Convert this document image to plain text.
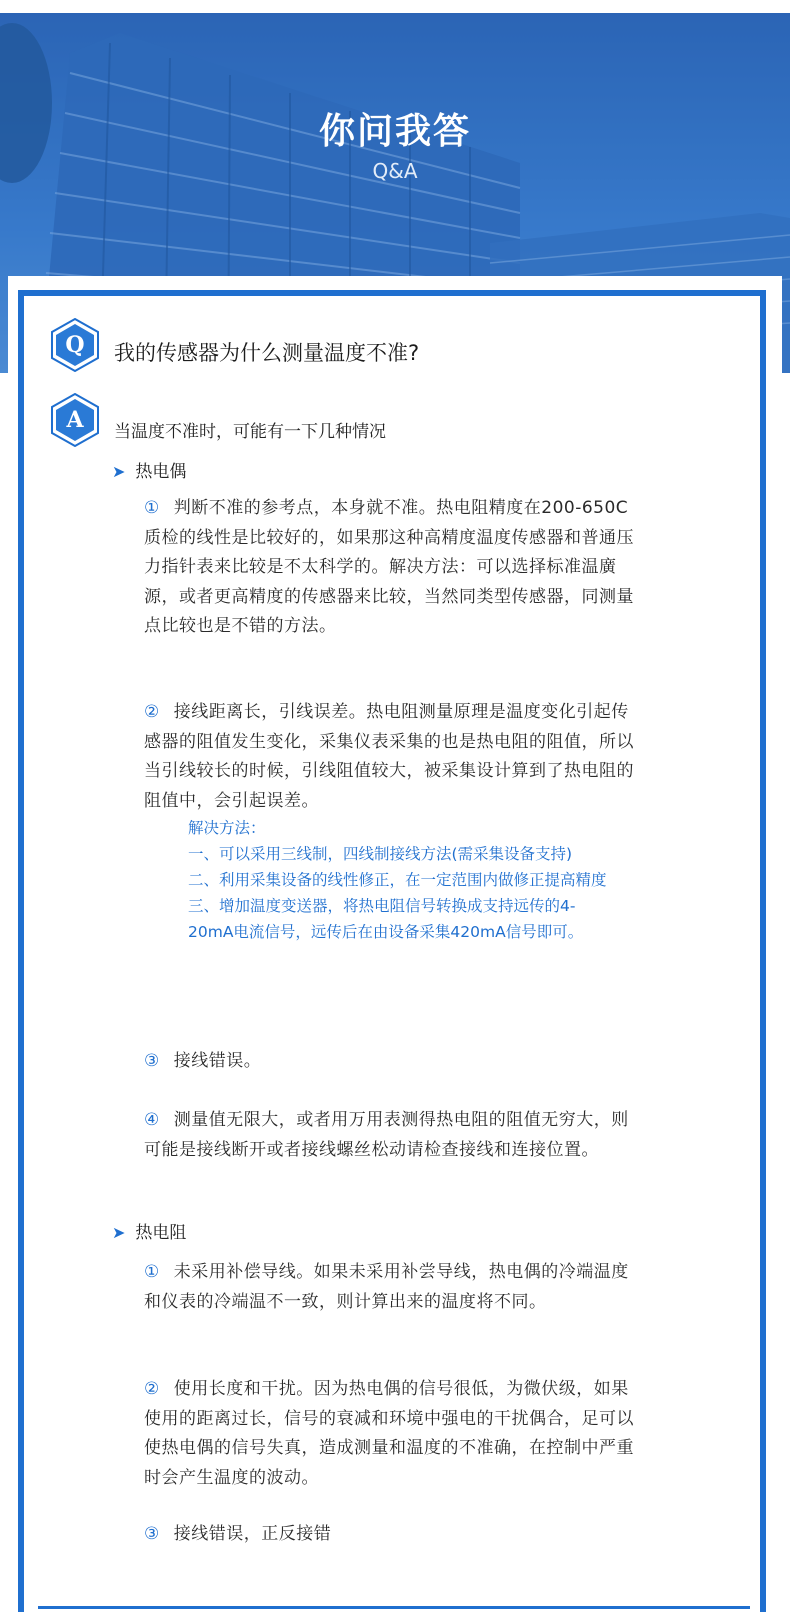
你问我答
Q&A
Q	我的传感器为什么测量温度不准?
A	当温度不准时，可能有一下几种情况
➤ 热电偶
① 判断不准的参考点，本身就不准。热电阻精度在200-650C质检的线性是比较好的，如果那这种高精度温度传感器和普通压力指针表来比较是不太科学的。解决方法：可以选择标准温廣源，或者更高精度的传感器来比较，当然同类型传感器，同测量点比较也是不错的方法。
② 接线距离长，引线误差。热电阻测量原理是温度变化引起传感器的阻值发生变化，采集仪表采集的也是热电阻的阻值，所以当引线较长的时候，引线阻值较大，被采集设计算到了热电阻的阻值中，会引起误差。
解决方法：
一、可以采用三线制，四线制接线方法(需采集设备支持)
二、利用采集设备的线性修正，在一定范围内做修正提高精度
三、增加温度变送器，将热电阻信号转换成支持远传的4- 20mA电流信号，远传后在由设备采集420mA信号即可。
③ 接线错误。
④ 测量值无限大，或者用万用表测得热电阻的阻值无穷大，则可能是接线断开或者接线螺丝松动请检查接线和连接位置。
➤ 热电阻
① 未采用补偿导线。如果未采用补尝导线，热电偶的冷端温度和仪表的冷端温不一致，则计算出来的温度将不同。
② 使用长度和干扰。因为热电偶的信号很低，为微伏级，如果使用的距离过长，信号的衰减和环境中强电的干扰偶合，足可以使热电偶的信号失真，造成测量和温度的不准确，在控制中严重时会产生温度的波动。
③ 接线错误，正反接错
